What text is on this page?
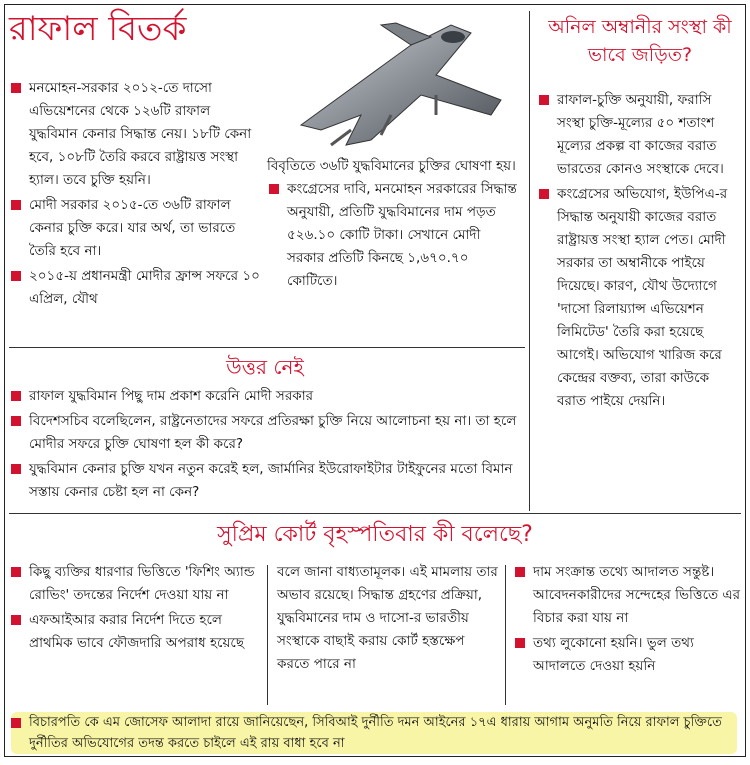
রাফাল বিতর্ক

মনমোহন-সরকার ২০১২-তে দাসো এভিয়েশনের থেকে ১২৬টি রাফাল যুদ্ধবিমান কেনার সিদ্ধান্ত নেয়। ১৮টি কেনা হবে, ১০৮টি তৈরি করবে রাষ্ট্রায়ত্ত সংস্থা হ্যাল। তবে চুক্তি হয়নি।

মোদী সরকার ২০১৫-তে ৩৬টি রাফাল কেনার চুক্তি করে। যার অর্থ, তা ভারতে তৈরি হবে না।

২০১৫-য় প্রধানমন্ত্রী মোদীর ফ্রান্স সফরে ১০ এপ্রিল, যৌথ

বিবৃতিতে ৩৬টি যুদ্ধবিমানের চুক্তির ঘোষণা হয়।

কংগ্রেসের দাবি, মনমোহন সরকারের সিদ্ধান্ত অনুযায়ী, প্রতিটি যুদ্ধবিমানের দাম পড়ত ৫২৬.১০ কোটি টাকা। সেখানে মোদী সরকার প্রতিটি কিনছে ১,৬৭০.৭০ কোটিতে।

অনিল অম্বানীর সংস্থা কী ভাবে জড়িত?

রাফাল-চুক্তি অনুযায়ী, ফরাসি সংস্থা চুক্তি-মূল্যের ৫০ শতাংশ মূল্যের প্রকল্প বা কাজের বরাত ভারতের কোনও সংস্থাকে দেবে।

কংগ্রেসের অভিযোগ, ইউপিএ-র সিদ্ধান্ত অনুযায়ী কাজের বরাত রাষ্ট্রায়ত্ত সংস্থা হ্যাল পেত। মোদী সরকার তা অম্বানীকে পাইয়ে দিয়েছে। কারণ, যৌথ উদ্যোগে 'দাসো রিলায়্যান্স এভিয়েশন লিমিটেড' তৈরি করা হয়েছে আগেই। অভিযোগ খারিজ করে কেন্দ্রের বক্তব্য, তারা কাউকে বরাত পাইয়ে দেয়নি।

উত্তর নেই

রাফাল যুদ্ধবিমান পিছু দাম প্রকাশ করেনি মোদী সরকার

বিদেশসচিব বলেছিলেন, রাষ্ট্রনেতাদের সফরে প্রতিরক্ষা চুক্তি নিয়ে আলোচনা হয় না। তা হলে মোদীর সফরে চুক্তি ঘোষণা হল কী করে?

যুদ্ধবিমান কেনার চুক্তি যখন নতুন করেই হল, জার্মানির ইউরোফাইটার টাইফুনের মতো বিমান সস্তায় কেনার চেষ্টা হল না কেন?

সুপ্রিম কোর্ট বৃহস্পতিবার কী বলেছে?

কিছু ব্যক্তির ধারণার ভিত্তিতে 'ফিশিং অ্যান্ড রোভিং' তদন্তের নির্দেশ দেওয়া যায় না

এফআইআর করার নির্দেশ দিতে হলে প্রাথমিক ভাবে ফৌজদারি অপরাধ হয়েছে

বলে জানা বাধ্যতামূলক। এই মামলায় তার অভাব রয়েছে। সিদ্ধান্ত গ্রহণের প্রক্রিয়া, যুদ্ধবিমানের দাম ও দাসো-র ভারতীয় সংস্থাকে বাছাই করায় কোর্ট হস্তক্ষেপ করতে পারে না

দাম সংক্রান্ত তথ্যে আদালত সন্তুষ্ট। আবেদনকারীদের সন্দেহের ভিত্তিতে এর বিচার করা যায় না

তথ্য লুকোনো হয়নি। ভুল তথ্য আদালতে দেওয়া হয়নি

বিচারপতি কে এম জোসেফ আলাদা রায়ে জানিয়েছেন, সিবিআই দুর্নীতি দমন আইনের ১৭এ ধারায় আগাম অনুমতি নিয়ে রাফাল চুক্তিতে দুর্নীতির অভিযোগের তদন্ত করতে চাইলে এই রায় বাধা হবে না
